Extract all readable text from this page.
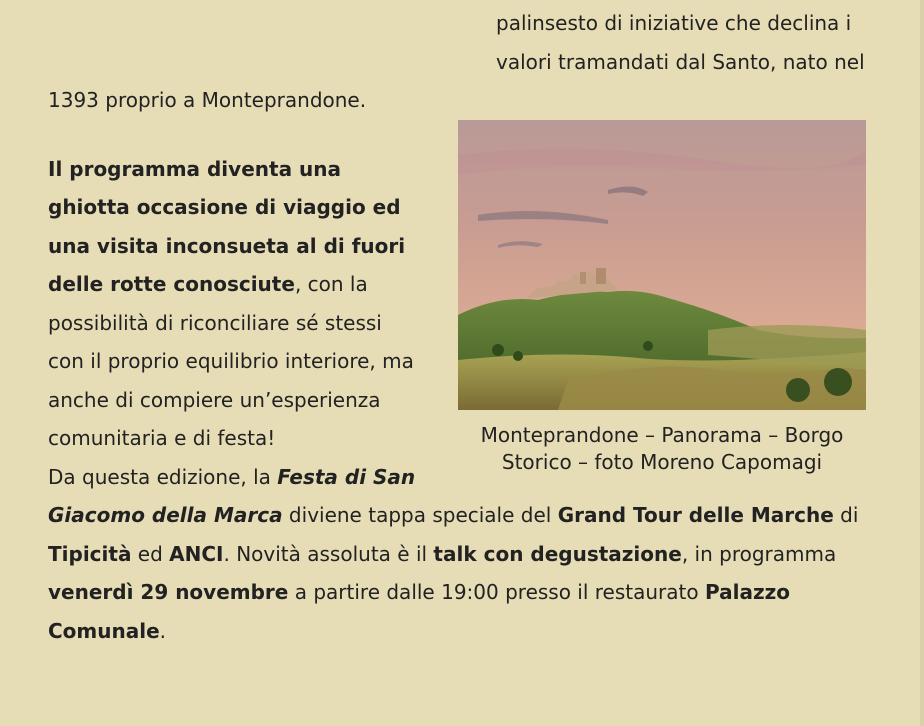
palinsesto di iniziative che declina i
valori tramandati dal Santo, nato nel
1393 proprio a Monteprandone.

Monteprandone – Panorama – Borgo Storico – foto Moreno Capomagi

Il programma diventa una ghiotta occasione di viaggio ed una visita inconsueta al di fuori delle rotte conosciute, con la possibilità di riconciliare sé stessi con il proprio equilibrio interiore, ma anche di compiere un’esperienza comunitaria e di festa!

Da questa edizione, la Festa di San Giacomo della Marca diviene tappa speciale del Grand Tour delle Marche di Tipicità ed ANCI. Novità assoluta è il talk con degustazione, in programma venerdì 29 novembre a partire dalle 19:00 presso il restaurato Palazzo Comunale.
